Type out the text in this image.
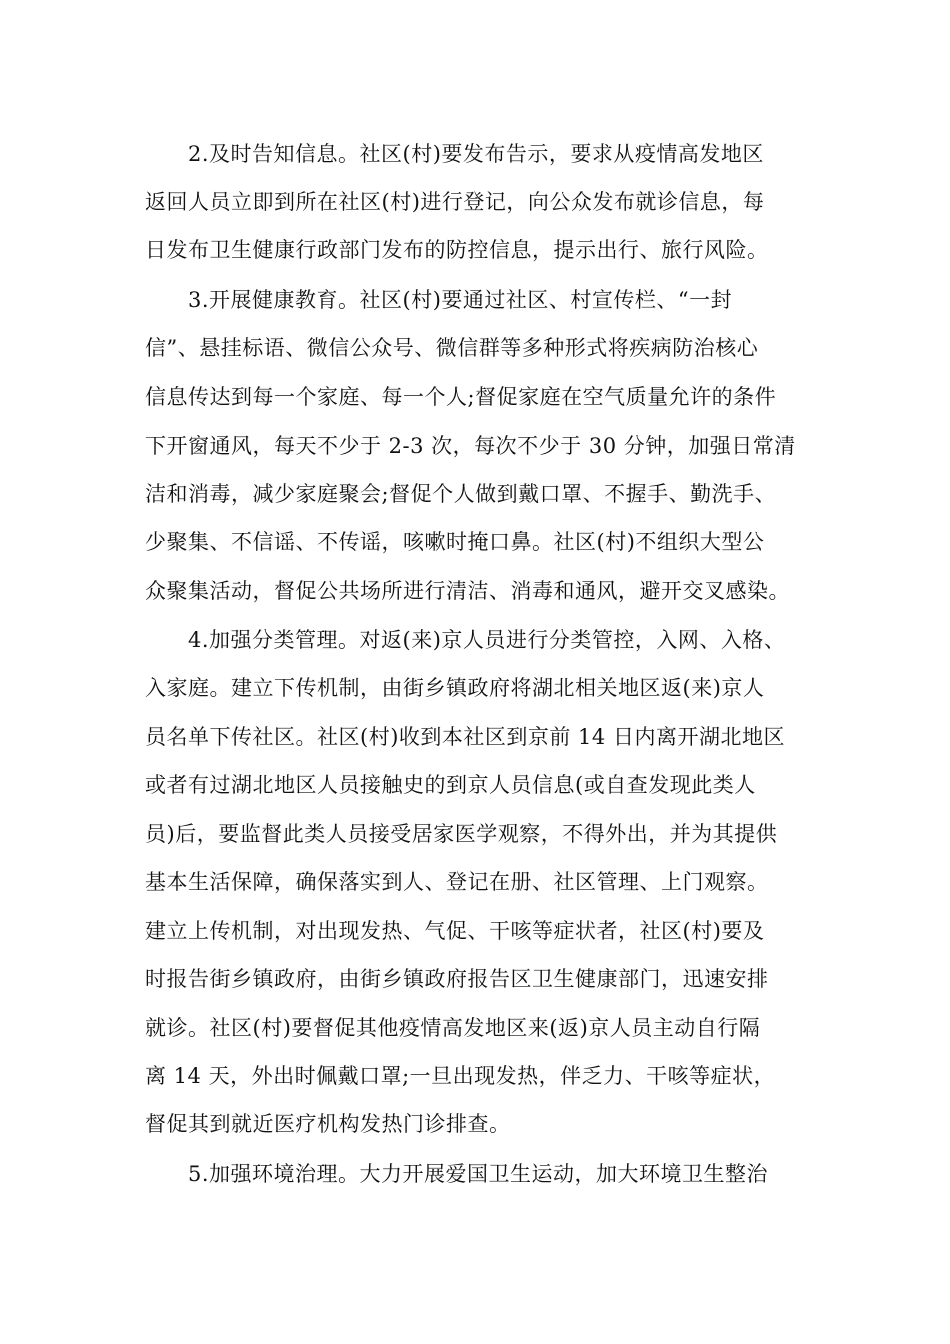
2.及时告知信息。社区(村)要发布告示，要求从疫情高发地区
返回人员立即到所在社区(村)进行登记，向公众发布就诊信息，每
日发布卫生健康行政部门发布的防控信息，提示出行、旅行风险。
3.开展健康教育。社区(村)要通过社区、村宣传栏、“一封
信”、悬挂标语、微信公众号、微信群等多种形式将疾病防治核心
信息传达到每一个家庭、每一个人;督促家庭在空气质量允许的条件
下开窗通风，每天不少于 2-3 次，每次不少于 30 分钟，加强日常清
洁和消毒，减少家庭聚会;督促个人做到戴口罩、不握手、勤洗手、
少聚集、不信谣、不传谣，咳嗽时掩口鼻。社区(村)不组织大型公
众聚集活动，督促公共场所进行清洁、消毒和通风，避开交叉感染。
4.加强分类管理。对返(来)京人员进行分类管控，入网、入格、
入家庭。建立下传机制，由街乡镇政府将湖北相关地区返(来)京人
员名单下传社区。社区(村)收到本社区到京前 14 日内离开湖北地区
或者有过湖北地区人员接触史的到京人员信息(或自查发现此类人
员)后，要监督此类人员接受居家医学观察，不得外出，并为其提供
基本生活保障，确保落实到人、登记在册、社区管理、上门观察。
建立上传机制，对出现发热、气促、干咳等症状者，社区(村)要及
时报告街乡镇政府，由街乡镇政府报告区卫生健康部门，迅速安排
就诊。社区(村)要督促其他疫情高发地区来(返)京人员主动自行隔
离 14 天，外出时佩戴口罩;一旦出现发热，伴乏力、干咳等症状，
督促其到就近医疗机构发热门诊排查。
5.加强环境治理。大力开展爱国卫生运动，加大环境卫生整治
